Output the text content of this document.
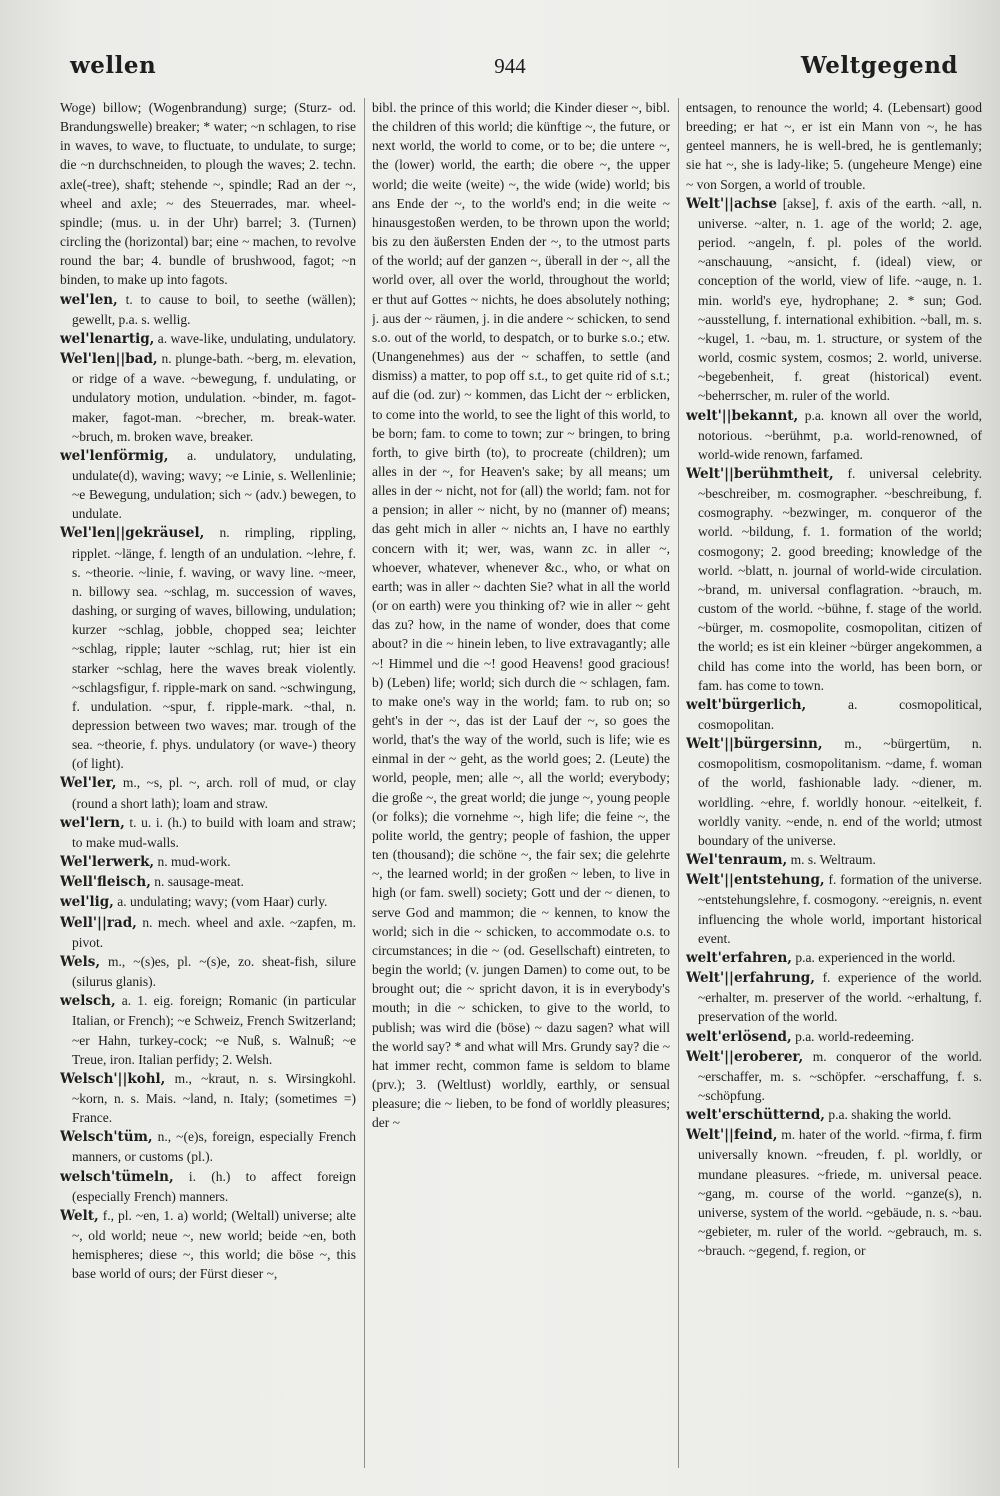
wellen	944	Weltgegend

Woge) billow; (Wogenbrandung) surge; (Sturz- od. Brandungswelle) breaker; * water; ~n schlagen, to rise in waves, to wave, to fluctuate, to undulate, to surge; die ~n durchschneiden, to plough the waves; 2. techn. axle(-tree), shaft; stehende ~, spindle; Rad an der ~, wheel and axle; ~ des Steuerrades, mar. wheel-spindle; (mus. u. in der Uhr) barrel; 3. (Turnen) circling the (horizontal) bar; eine ~ machen, to revolve round the bar; 4. bundle of brushwood, fagot; ~n binden, to make up into fagots.

wel'len, t. to cause to boil, to seethe (wällen); gewellt, p.a. s. wellig.

wel'lenartig, a. wave-like, undulating, undulatory.

Wel'len||bad, n. plunge-bath. ~berg, m. elevation, or ridge of a wave. ~bewegung, f. undulating, or undulatory motion, undulation. ~binder, m. fagot-maker, fagot-man. ~brecher, m. break-water. ~bruch, m. broken wave, breaker.

wel'lenförmig, a. undulatory, undulating, undulate(d), waving; wavy; ~e Linie, s. Wellenlinie; ~e Bewegung, undulation; sich ~ (adv.) bewegen, to undulate.

Wel'len||gekräusel, n. rimpling, rippling, ripplet. ~länge, f. length of an undulation. ~lehre, f. s. ~theorie. ~linie, f. waving, or wavy line. ~meer, n. billowy sea. ~schlag, m. succession of waves, dashing, or surging of waves, billowing, undulation; kurzer ~schlag, jobble, chopped sea; leichter ~schlag, ripple; lauter ~schlag, rut; hier ist ein starker ~schlag, here the waves break violently. ~schlagsfigur, f. ripple-mark on sand. ~schwingung, f. undulation. ~spur, f. ripple-mark. ~thal, n. depression between two waves; mar. trough of the sea. ~theorie, f. phys. undulatory (or wave-) theory (of light).

Wel'ler, m., ~s, pl. ~, arch. roll of mud, or clay (round a short lath); loam and straw.

wel'lern, t. u. i. (h.) to build with loam and straw; to make mud-walls.

Wel'lerwerk, n. mud-work.

Well'fleisch, n. sausage-meat.

wel'lig, a. undulating; wavy; (vom Haar) curly.

Well'||rad, n. mech. wheel and axle. ~zapfen, m. pivot.

Wels, m., ~(s)es, pl. ~(s)e, zo. sheat-fish, silure (silurus glanis).

welsch, a. 1. eig. foreign; Romanic (in particular Italian, or French); ~e Schweiz, French Switzerland; ~er Hahn, turkey-cock; ~e Nuß, s. Walnuß; ~e Treue, iron. Italian perfidy; 2. Welsh.

Welsch'||kohl, m., ~kraut, n. s. Wirsingkohl. ~korn, n. s. Mais. ~land, n. Italy; (sometimes =) France.

Welsch'tüm, n., ~(e)s, foreign, especially French manners, or customs (pl.).

welsch'tümeln, i. (h.) to affect foreign (especially French) manners.

Welt, f., pl. ~en, 1. a) world; (Weltall) universe; alte ~, old world; neue ~, new world; beide ~en, both hemispheres; diese ~, this world; die böse ~, this base world of ours; der Fürst dieser ~,

bibl. the prince of this world; die Kinder dieser ~, bibl. the children of this world; die künftige ~, the future, or next world, the world to come, or to be; die untere ~, the (lower) world, the earth; die obere ~, the upper world; die weite (weite) ~, the wide (wide) world; bis ans Ende der ~, to the world's end; in die weite ~ hinausgestoßen werden, to be thrown upon the world; bis zu den äußersten Enden der ~, to the utmost parts of the world; auf der ganzen ~, überall in der ~, all the world over, all over the world, throughout the world; er thut auf Gottes ~ nichts, he does absolutely nothing; j. aus der ~ räumen, j. in die andere ~ schicken, to send s.o. out of the world, to despatch, or to burke s.o.; etw. (Unangenehmes) aus der ~ schaffen, to settle (and dismiss) a matter, to pop off s.t., to get quite rid of s.t.; auf die (od. zur) ~ kommen, das Licht der ~ erblicken, to come into the world, to see the light of this world, to be born; fam. to come to town; zur ~ bringen, to bring forth, to give birth (to), to procreate (children); um alles in der ~, for Heaven's sake; by all means; um alles in der ~ nicht, not for (all) the world; fam. not for a pension; in aller ~ nicht, by no (manner of) means; das geht mich in aller ~ nichts an, I have no earthly concern with it; wer, was, wann zc. in aller ~, whoever, whatever, whenever &c., who, or what on earth; was in aller ~ dachten Sie? what in all the world (or on earth) were you thinking of? wie in aller ~ geht das zu? how, in the name of wonder, does that come about? in die ~ hinein leben, to live extravagantly; alle ~! Himmel und die ~! good Heavens! good gracious! b) (Leben) life; world; sich durch die ~ schlagen, fam. to make one's way in the world; fam. to rub on; so geht's in der ~, das ist der Lauf der ~, so goes the world, that's the way of the world, such is life; wie es einmal in der ~ geht, as the world goes; 2. (Leute) the world, people, men; alle ~, all the world; everybody; die große ~, the great world; die junge ~, young people (or folks); die vornehme ~, high life; die feine ~, the polite world, the gentry; people of fashion, the upper ten (thousand); die schöne ~, the fair sex; die gelehrte ~, the learned world; in der großen ~ leben, to live in high (or fam. swell) society; Gott und der ~ dienen, to serve God and mammon; die ~ kennen, to know the world; sich in die ~ schicken, to accommodate o.s. to circumstances; in die ~ (od. Gesellschaft) eintreten, to begin the world; (v. jungen Damen) to come out, to be brought out; die ~ spricht davon, it is in everybody's mouth; in die ~ schicken, to give to the world, to publish; was wird die (böse) ~ dazu sagen? what will the world say? * and what will Mrs. Grundy say? die ~ hat immer recht, common fame is seldom to blame (prv.); 3. (Weltlust) worldly, earthly, or sensual pleasure; die ~ lieben, to be fond of worldly pleasures; der ~

entsagen, to renounce the world; 4. (Lebensart) good breeding; er hat ~, er ist ein Mann von ~, he has genteel manners, he is well-bred, he is gentlemanly; sie hat ~, she is lady-like; 5. (ungeheure Menge) eine ~ von Sorgen, a world of trouble.

Welt'||achse [akse], f. axis of the earth. ~all, n. universe. ~alter, n. 1. age of the world; 2. age, period. ~angeln, f. pl. poles of the world. ~anschauung, ~ansicht, f. (ideal) view, or conception of the world, view of life. ~auge, n. 1. min. world's eye, hydrophane; 2. * sun; God. ~ausstellung, f. international exhibition. ~ball, m. s. ~kugel, 1. ~bau, m. 1. structure, or system of the world, cosmic system, cosmos; 2. world, universe. ~begebenheit, f. great (historical) event. ~beherrscher, m. ruler of the world.

welt'||bekannt, p.a. known all over the world, notorious. ~berühmt, p.a. world-renowned, of world-wide renown, farfamed.

Welt'||berühmtheit, f. universal celebrity. ~beschreiber, m. cosmographer. ~beschreibung, f. cosmography. ~bezwinger, m. conqueror of the world. ~bildung, f. 1. formation of the world; cosmogony; 2. good breeding; knowledge of the world. ~blatt, n. journal of world-wide circulation. ~brand, m. universal conflagration. ~brauch, m. custom of the world. ~bühne, f. stage of the world. ~bürger, m. cosmopolite, cosmopolitan, citizen of the world; es ist ein kleiner ~bürger angekommen, a child has come into the world, has been born, or fam. has come to town.

welt'bürgerlich,	a. cosmopolitical, cosmopolitan.

Welt'||bürgersinn, m., ~bürgertüm, n. cosmopolitism, cosmopolitanism. ~dame, f. woman of the world, fashionable lady. ~diener, m. worldling. ~ehre, f. worldly honour. ~eitelkeit, f. worldly vanity. ~ende, n. end of the world; utmost boundary of the universe.

Wel'tenraum, m. s. Weltraum.

Welt'||entstehung, f. formation of the universe. ~entstehungslehre, f. cosmogony. ~ereignis, n. event influencing the whole world, important historical event.

welt'erfahren, p.a. experienced in the world.

Welt'||erfahrung, f. experience of the world. ~erhalter, m. preserver of the world. ~erhaltung, f. preservation of the world.

welt'erlösend, p.a. world-redeeming.

Welt'||eroberer, m. conqueror of the world. ~erschaffer, m. s. ~schöpfer. ~erschaffung, f. s. ~schöpfung.

welt'erschütternd, p.a. shaking the world.

Welt'||feind, m. hater of the world. ~firma, f. firm universally known. ~freuden, f. pl. worldly, or mundane pleasures. ~friede, m. universal peace. ~gang, m. course of the world. ~ganze(s), n. universe, system of the world. ~gebäude, n. s. ~bau. ~gebieter, m. ruler of the world. ~gebrauch, m. s. ~brauch. ~gegend, f. region, or
